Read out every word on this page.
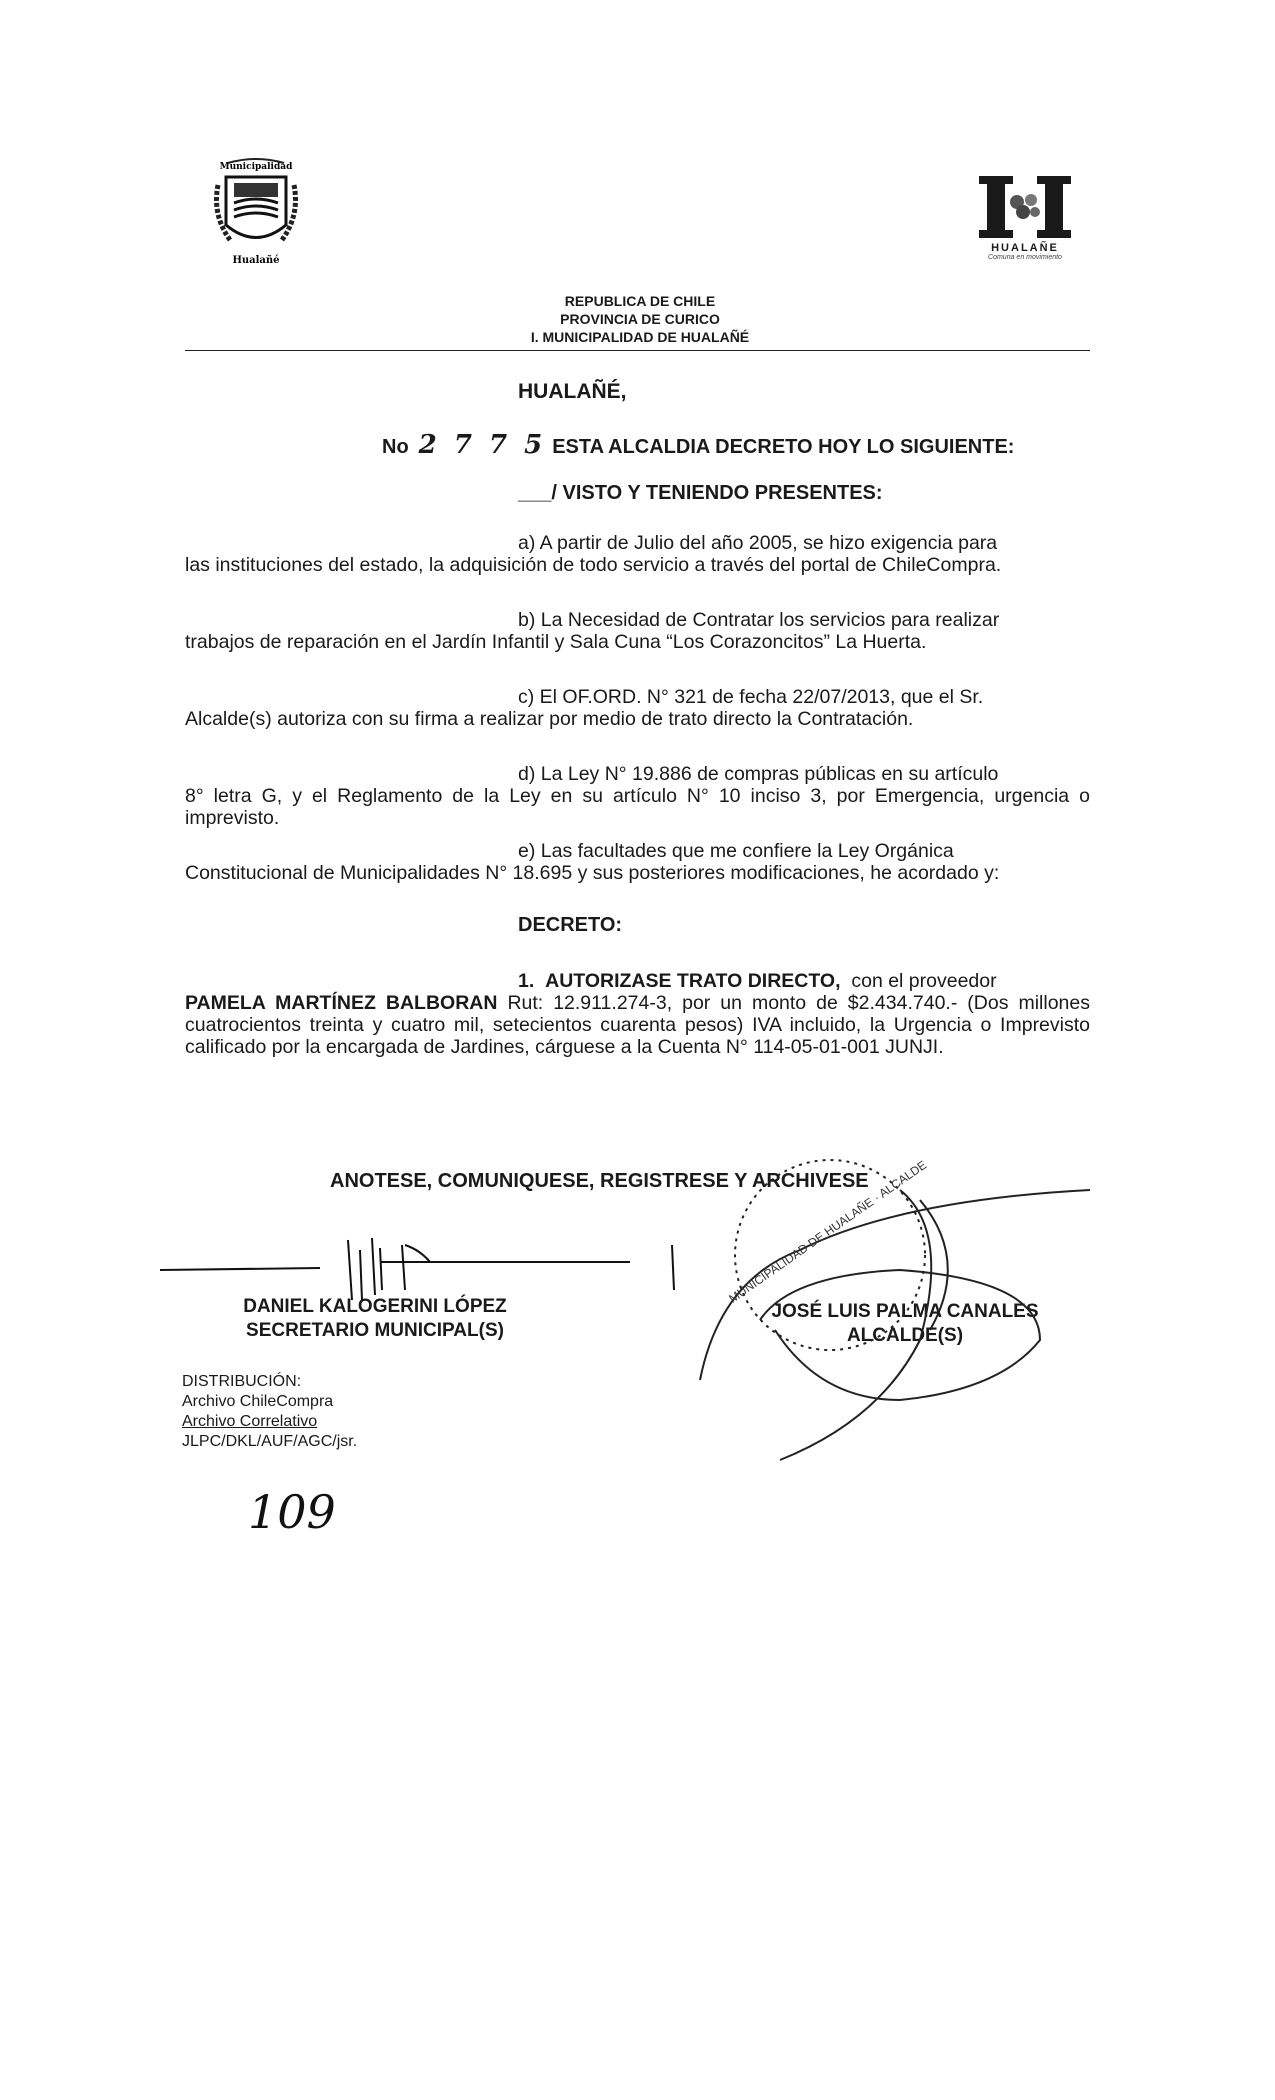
Municipalidad
Hualañé
HUALAÑE
Comuna en movimiento
REPUBLICA DE CHILE
PROVINCIA DE CURICO
I. MUNICIPALIDAD DE HUALAÑÉ
HUALAÑÉ,
No 2 7 7 5 ESTA ALCALDIA DECRETO HOY LO SIGUIENTE:
___/ VISTO Y TENIENDO PRESENTES:
a) A partir de Julio del año 2005, se hizo exigencia para
las instituciones del estado, la adquisición de todo servicio a través del portal de ChileCompra.
b) La Necesidad de Contratar los servicios para realizar
trabajos de reparación en el Jardín Infantil y Sala Cuna “Los Corazoncitos” La Huerta.
c) El OF.ORD. N° 321 de fecha 22/07/2013, que el Sr.
Alcalde(s) autoriza con su firma a realizar por medio de trato directo la Contratación.
d) La Ley N° 19.886 de compras públicas en su artículo
8° letra G, y el Reglamento de la Ley en su artículo N° 10 inciso 3, por Emergencia, urgencia o imprevisto.
e) Las facultades que me confiere la Ley Orgánica
Constitucional de Municipalidades N° 18.695 y sus posteriores modificaciones, he acordado y:
DECRETO:
1. AUTORIZASE TRATO DIRECTO, con el proveedor
PAMELA MARTÍNEZ BALBORAN Rut: 12.911.274-3, por un monto de $2.434.740.- (Dos millones cuatrocientos treinta y cuatro mil, setecientos cuarenta pesos) IVA incluido, la Urgencia o Imprevisto calificado por la encargada de Jardines, cárguese a la Cuenta N° 114-05-01-001 JUNJI.
ANOTESE, COMUNIQUESE, REGISTRESE Y ARCHIVESE
DANIEL KALOGERINI LÓPEZ
SECRETARIO MUNICIPAL(S)
JOSÉ LUIS PALMA CANALES
ALCALDE(S)
DISTRIBUCIÓN:
Archivo ChileCompra
Archivo Correlativo
JLPC/DKL/AUF/AGC/jsr.
MUNICIPALIDAD DE HUALAÑE · ALCALDE
109
